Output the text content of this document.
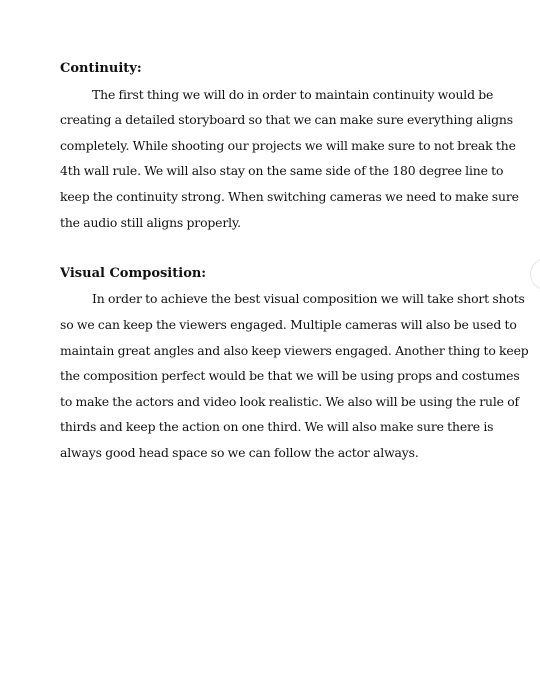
Continuity:

The first thing we will do in order to maintain continuity would be creating a detailed storyboard so that we can make sure everything aligns completely. While shooting our projects we will make sure to not break the 4th wall rule. We will also stay on the same side of the 180 degree line to keep the continuity strong. When switching cameras we need to make sure the audio still aligns properly.

Visual Composition:

In order to achieve the best visual composition we will take short shots so we can keep the viewers engaged. Multiple cameras will also be used to maintain great angles and also keep viewers engaged. Another thing to keep the composition perfect would be that we will be using props and costumes to make the actors and video look realistic. We also will be using the rule of thirds and keep the action on one third. We will also make sure there is always good head space so we can follow the actor always.
